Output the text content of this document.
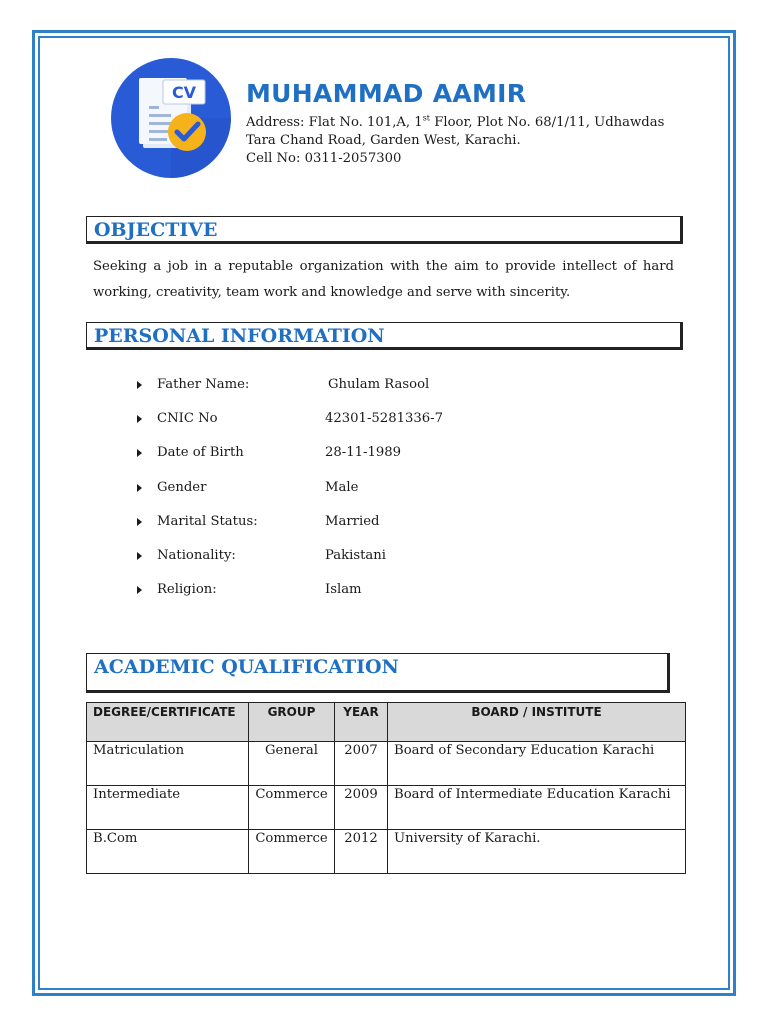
CV MUHAMMAD AAMIR
Address: Flat No. 101,A, 1st Floor, Plot No. 68/1/11, Udhawdas
Tara Chand Road, Garden West, Karachi.
Cell No: 0311-2057300
OBJECTIVE
Seeking a job in a reputable organization with the aim to provide intellect of hard working, creativity, team work and knowledge and serve with sincerity.
PERSONAL INFORMATION
Father Name:	Ghulam Rasool
CNIC No	42301-5281336-7
Date of Birth	28-11-1989
Gender	Male
Marital Status:	Married
Nationality:	Pakistani
Religion:	Islam
ACADEMIC QUALIFICATION
DEGREE/CERTIFICATE	GROUP	YEAR	BOARD / INSTITUTE
Matriculation	General	2007	Board of Secondary Education Karachi
Intermediate	Commerce	2009	Board of Intermediate Education Karachi
B.Com	Commerce	2012	University of Karachi.
